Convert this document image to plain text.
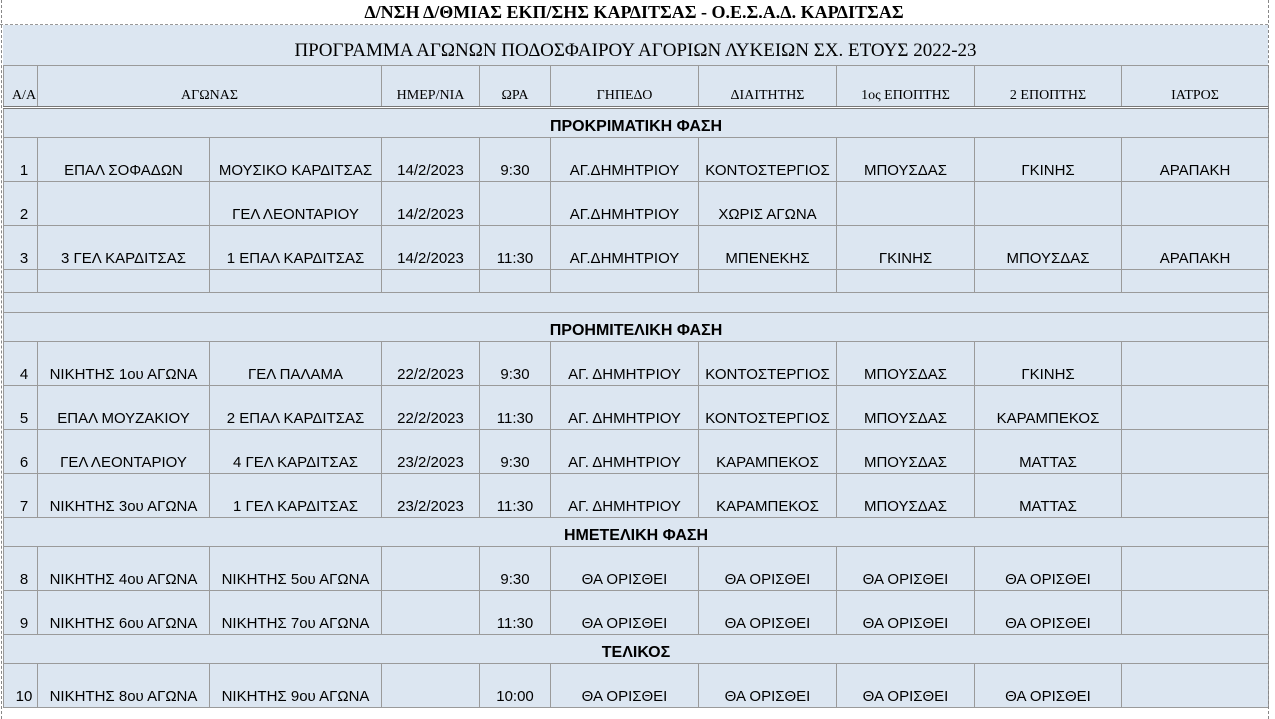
Δ/ΝΣΗ Δ/ΘΜΙΑΣ ΕΚΠ/ΣΗΣ ΚΑΡΔΙΤΣΑΣ - Ο.Ε.Σ.Α.Δ. ΚΑΡΔΙΤΣΑΣ
ΠΡΟΓΡΑΜΜΑ ΑΓΩΝΩΝ ΠΟΔΟΣΦΑΙΡΟΥ ΑΓΟΡΙΩΝ ΛΥΚΕΙΩΝ ΣΧ. ΕΤΟΥΣ 2022-23
Α/Α	ΑΓΩΝΑΣ		ΗΜΕΡ/ΝΙΑ	ΩΡΑ	ΓΗΠΕΔΟ	ΔΙΑΙΤΗΤΗΣ	1ος ΕΠΟΠΤΗΣ	2 ΕΠΟΠΤΗΣ	ΙΑΤΡΟΣ
ΠΡΟΚΡΙΜΑΤΙΚΗ ΦΑΣΗ									
1	ΕΠΑΛ ΣΟΦΑΔΩΝ	ΜΟΥΣΙΚΟ ΚΑΡΔΙΤΣΑΣ	14/2/2023	9:30	ΑΓ.ΔΗΜΗΤΡΙΟΥ	ΚΟΝΤΟΣΤΕΡΓΙΟΣ	ΜΠΟΥΣΔΑΣ	ΓΚΙΝΗΣ	ΑΡΑΠΑΚΗ
2		ΓΕΛ ΛΕΟΝΤΑΡΙΟΥ	14/2/2023		ΑΓ.ΔΗΜΗΤΡΙΟΥ	ΧΩΡΙΣ ΑΓΩΝΑ			
3	3 ΓΕΛ ΚΑΡΔΙΤΣΑΣ	1 ΕΠΑΛ ΚΑΡΔΙΤΣΑΣ	14/2/2023	11:30	ΑΓ.ΔΗΜΗΤΡΙΟΥ	ΜΠΕΝΕΚΗΣ	ΓΚΙΝΗΣ	ΜΠΟΥΣΔΑΣ	ΑΡΑΠΑΚΗ

ΠΡΟΗΜΙΤΕΛΙΚΗ ΦΑΣΗ									
4	ΝΙΚΗΤΗΣ 1ου ΑΓΩΝΑ	ΓΕΛ ΠΑΛΑΜΑ	22/2/2023	9:30	ΑΓ. ΔΗΜΗΤΡΙΟΥ	ΚΟΝΤΟΣΤΕΡΓΙΟΣ	ΜΠΟΥΣΔΑΣ	ΓΚΙΝΗΣ	
5	ΕΠΑΛ ΜΟΥΖΑΚΙΟΥ	2 ΕΠΑΛ ΚΑΡΔΙΤΣΑΣ	22/2/2023	11:30	ΑΓ. ΔΗΜΗΤΡΙΟΥ	ΚΟΝΤΟΣΤΕΡΓΙΟΣ	ΜΠΟΥΣΔΑΣ	ΚΑΡΑΜΠΕΚΟΣ	
6	ΓΕΛ ΛΕΟΝΤΑΡΙΟΥ	4 ΓΕΛ ΚΑΡΔΙΤΣΑΣ	23/2/2023	9:30	ΑΓ. ΔΗΜΗΤΡΙΟΥ	ΚΑΡΑΜΠΕΚΟΣ	ΜΠΟΥΣΔΑΣ	ΜΑΤΤΑΣ	
7	ΝΙΚΗΤΗΣ 3ου ΑΓΩΝΑ	1 ΓΕΛ ΚΑΡΔΙΤΣΑΣ	23/2/2023	11:30	ΑΓ. ΔΗΜΗΤΡΙΟΥ	ΚΑΡΑΜΠΕΚΟΣ	ΜΠΟΥΣΔΑΣ	ΜΑΤΤΑΣ	
ΗΜΕΤΕΛΙΚΗ ΦΑΣΗ									
8	ΝΙΚΗΤΗΣ 4ου ΑΓΩΝΑ	ΝΙΚΗΤΗΣ 5ου ΑΓΩΝΑ		9:30	ΘΑ ΟΡΙΣΘΕΙ	ΘΑ ΟΡΙΣΘΕΙ	ΘΑ ΟΡΙΣΘΕΙ	ΘΑ ΟΡΙΣΘΕΙ	
9	ΝΙΚΗΤΗΣ 6ου ΑΓΩΝΑ	ΝΙΚΗΤΗΣ 7ου ΑΓΩΝΑ		11:30	ΘΑ ΟΡΙΣΘΕΙ	ΘΑ ΟΡΙΣΘΕΙ	ΘΑ ΟΡΙΣΘΕΙ	ΘΑ ΟΡΙΣΘΕΙ	
ΤΕΛΙΚΟΣ									
10	ΝΙΚΗΤΗΣ 8ου ΑΓΩΝΑ	ΝΙΚΗΤΗΣ 9ου ΑΓΩΝΑ		10:00	ΘΑ ΟΡΙΣΘΕΙ	ΘΑ ΟΡΙΣΘΕΙ	ΘΑ ΟΡΙΣΘΕΙ	ΘΑ ΟΡΙΣΘΕΙ	
